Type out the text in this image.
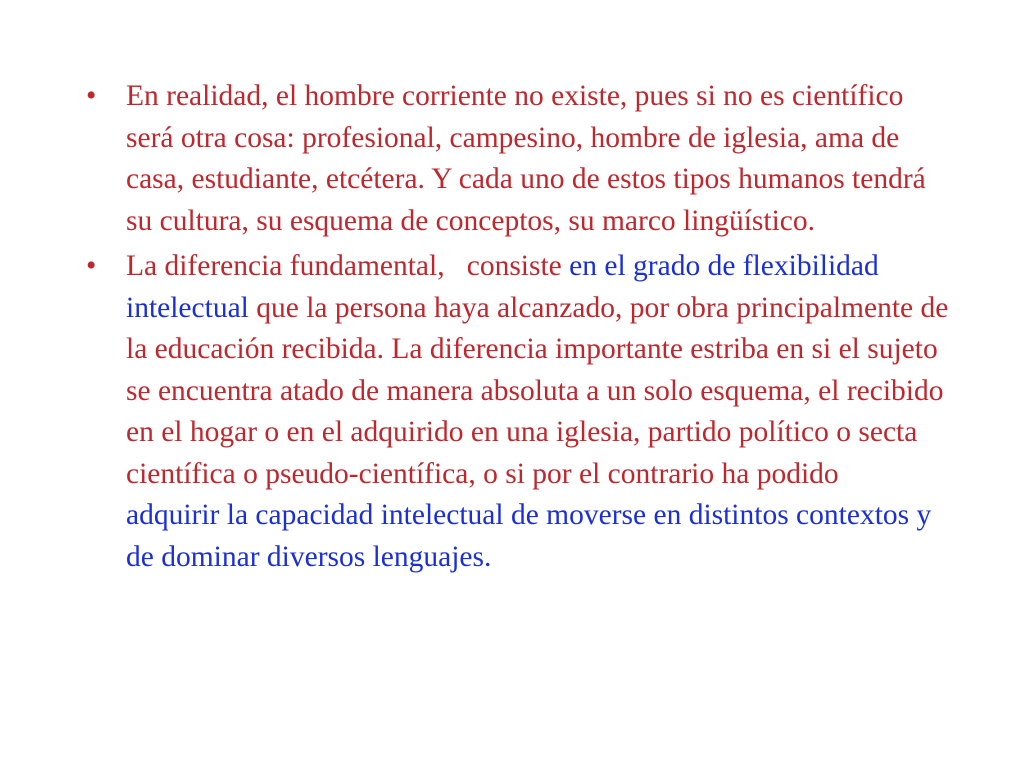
• En realidad, el hombre corriente no existe, pues si no es científico será otra cosa: profesional, campesino, hombre de iglesia, ama de casa, estudiante, etcétera. Y cada uno de estos tipos humanos tendrá su cultura, su esquema de conceptos, su marco lingüístico.
• La diferencia fundamental,   consiste en el grado de flexibilidad intelectual que la persona haya alcanzado, por obra principalmente de la educación recibida. La diferencia importante estriba en si el sujeto se encuentra atado de manera absoluta a un solo esquema, el recibido en el hogar o en el adquirido en una iglesia, partido político o secta científica o pseudo-científica, o si por el contrario ha podido   adquirir la capacidad intelectual de moverse en distintos contextos y de dominar diversos lenguajes.
